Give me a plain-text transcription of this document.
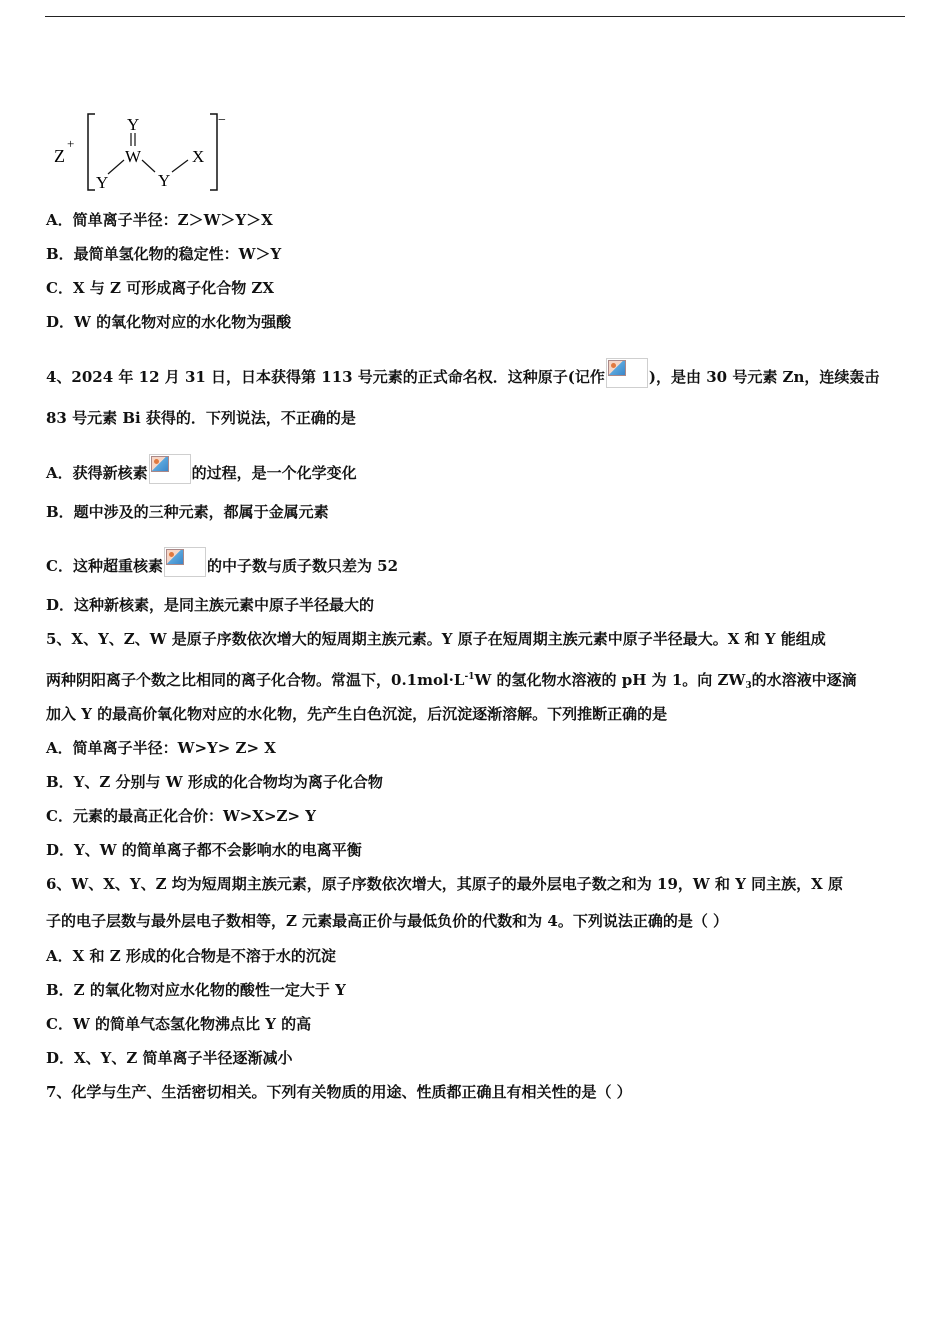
Z
+
−
Y
W
Y	Y
X
A．简单离子半径：Z＞W＞Y＞X
B．最简单氢化物的稳定性：W＞Y
C．X 与 Z 可形成离子化合物 ZX
D．W 的氧化物对应的水化物为强酸
4、2024 年 12 月 31 日，日本获得第 113 号元素的正式命名权．这种原子(记作	)，是由 30 号元素 Zn，连续轰击
83 号元素 Bi 获得的．下列说法，不正确的是
A．获得新核素	的过程，是一个化学变化
B．题中涉及的三种元素，都属于金属元素
C．这种超重核素	的中子数与质子数只差为 52
D．这种新核素，是同主族元素中原子半径最大的
5、X、Y、Z、W 是原子序数依次增大的短周期主族元素。Y 原子在短周期主族元素中原子半径最大。X 和 Y 能组成
两种阴阳离子个数之比相同的离子化合物。常温下，$0.1mol\cdot L^{-1}W$ 的氢化物水溶液的 pH 为 1。向 $ZW_3$的水溶液中逐滴
加入 Y 的最高价氧化物对应的水化物，先产生白色沉淀，后沉淀逐渐溶解。下列推断正确的是
A．简单离子半径：W>Y> Z> X
B．Y、Z 分别与 W 形成的化合物均为离子化合物
C．元素的最高正化合价：W>X>Z> Y
D．Y、W 的简单离子都不会影响水的电离平衡
6、W、X、Y、Z 均为短周期主族元素，原子序数依次增大，其原子的最外层电子数之和为 19，W 和 Y 同主族，X 原
子的电子层数与最外层电子数相等，Z 元素最高正价与最低负价的代数和为 4。下列说法正确的是（ ）
A．X 和 Z 形成的化合物是不溶于水的沉淀
B．Z 的氧化物对应水化物的酸性一定大于 Y
C．W 的简单气态氢化物沸点比 Y 的高
D．X、Y、Z 简单离子半径逐渐减小
7、化学与生产、生活密切相关。下列有关物质的用途、性质都正确且有相关性的是（ ）
